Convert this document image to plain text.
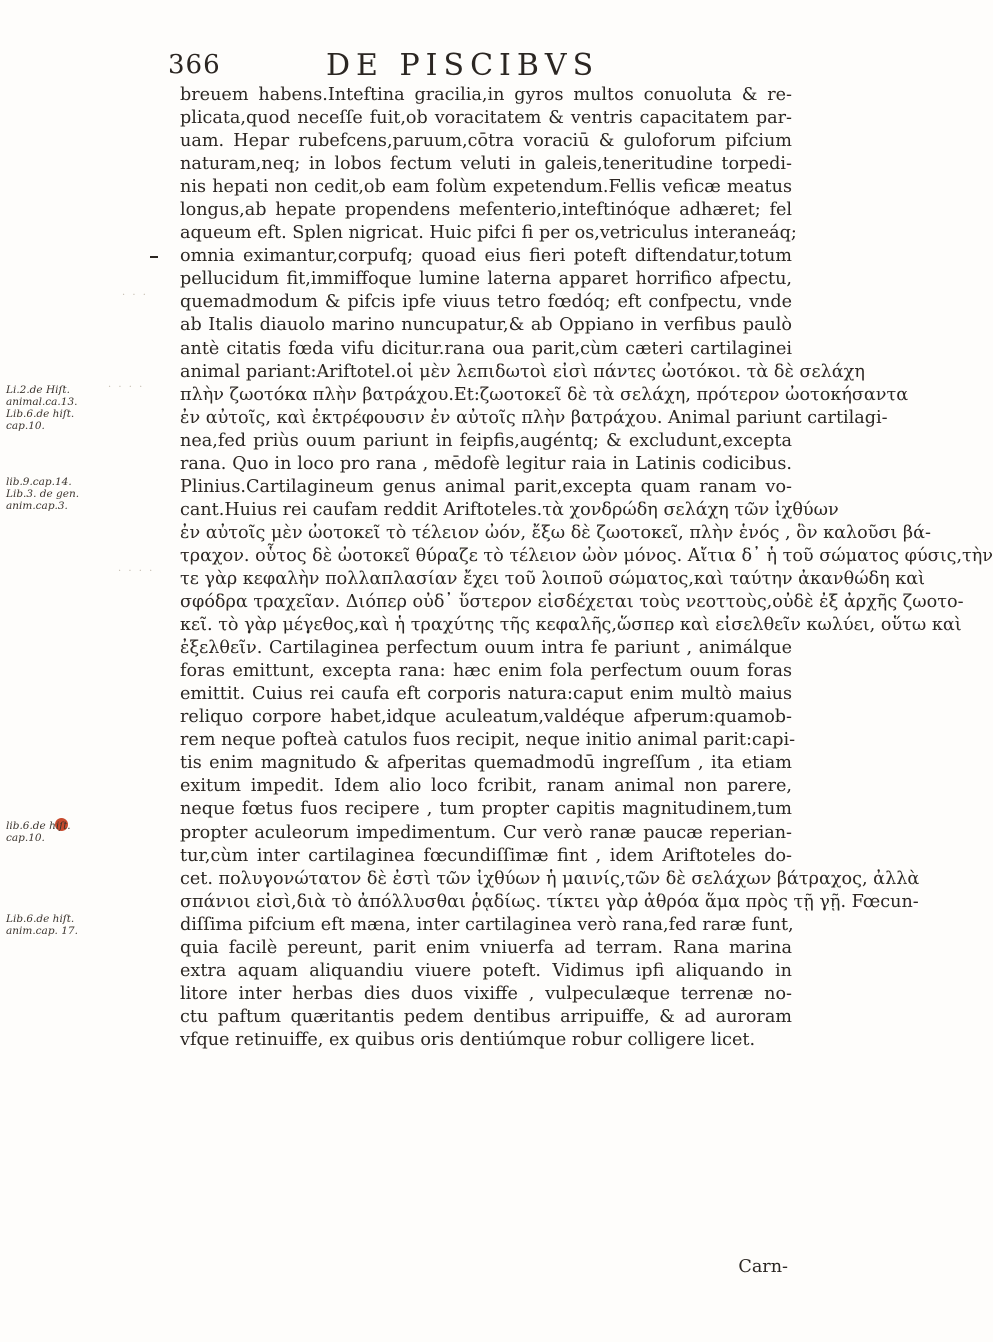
366	DE PISCIBVS
· · ·
· · · ·
· · · ·
breuem habens.Inteftina gracilia,in gyros multos conuoluta & re-
plicata,quod neceſſe fuit,ob voracitatem & ventris capacitatem par-
uam. Hepar rubefcens,paruum,cōtra voraciū & guloforum pifcium
naturam,neq; in lobos fectum veluti in galeis,teneritudine torpedi-
nis hepati non cedit,ob eam folùm expetendum.Fellis veficæ meatus
longus,ab hepate propendens mefenterio,inteftinóque adhæret; fel
aqueum eft. Splen nigricat. Huic pifci fi per os,vetriculus interaneáq;
omnia eximantur,corpufq; quoad eius fieri poteft diftendatur,totum
pellucidum fit,immiffoque lumine laterna apparet horrifico afpectu,
quemadmodum & pifcis ipfe viuus tetro fœdóq; eft confpectu, vnde
ab Italis diauolo marino nuncupatur,& ab Oppiano in verfibus paulò
antè citatis fœda vifu dicitur.rana oua parit,cùm cæteri cartilaginei
animal pariant:Ariftotel.οἱ μὲν λεπιδωτοὶ εἰσὶ πάντες ὠοτόκοι. τὰ δὲ σελάχη
πλὴν ζωοτόκα πλὴν βατράχου.Et:ζωοτοκεῖ δὲ τὰ σελάχη, πρότερον ὠοτοκήσαντα
ἐν αὐτοῖς, καὶ ἐκτρέφουσιν ἐν αὐτοῖς πλὴν βατράχου. Animal pariunt cartilagi-
nea,fed priùs ouum pariunt in feipfis,augéntq; & excludunt,excepta
rana. Quo in loco pro rana , mēdofè legitur raia in Latinis codicibus.
Plinius.Cartilagineum genus animal parit,excepta quam ranam vo-
cant.Huius rei caufam reddit Ariftoteles.τὰ χονδρώδη σελάχη τῶν ἰχθύων
ἐν αὐτοῖς μὲν ὠοτοκεῖ τὸ τέλειον ὠόν, ἔξω δὲ ζωοτοκεῖ, πλὴν ἑνός , ὃν καλοῦσι βά-
τραχον. οὗτος δὲ ὠοτοκεῖ θύραζε τὸ τέλειον ὠὸν μόνος. Αἴτια δ᾽ ἡ τοῦ σώματος φύσις,τὴν
τε γὰρ κεφαλὴν πολλαπλασίαν ἔχει τοῦ λοιποῦ σώματος,καὶ ταύτην ἀκανθώδη καὶ
σφόδρα τραχεῖαν. Διόπερ οὐδ᾽ ὕστερον εἰσδέχεται τοὺς νεοττοὺς,οὐδὲ ἐξ ἀρχῆς ζωοτο-
κεῖ. τὸ γὰρ μέγεθος,καὶ ἡ τραχύτης τῆς κεφαλῆς,ὥσπερ καὶ εἰσελθεῖν κωλύει, οὕτω καὶ
ἐξελθεῖν. Cartilaginea perfectum ouum intra fe pariunt , animálque
foras emittunt, excepta rana: hæc enim fola perfectum ouum foras
emittit. Cuius rei caufa eft corporis natura:caput enim multò maius
reliquo corpore habet,idque aculeatum,valdéque afperum:quamob-
rem neque pofteà catulos fuos recipit, neque initio animal parit:capi-
tis enim magnitudo & afperitas quemadmodū ingreſſum , ita etiam
exitum impedit. Idem alio loco fcribit, ranam animal non parere,
neque fœtus fuos recipere , tum propter capitis magnitudinem,tum
propter aculeorum impedimentum. Cur verò ranæ paucæ reperian-
tur,cùm inter cartilaginea fœcundiſſimæ fint , idem Ariftoteles do-
cet. πολυγονώτατον δὲ ἐστὶ τῶν ἰχθύων ἡ μαινίς,τῶν δὲ σελάχων βάτραχος, ἀλλὰ
σπάνιοι εἰσὶ,διὰ τὸ ἀπόλλυσθαι ῥᾳδίως. τίκτει γὰρ ἀθρόα ἅμα πρὸς τῇ γῇ. Fœcun-
diſſima pifcium eft mæna, inter cartilaginea verò rana,fed raræ funt,
quia facilè pereunt, parit enim vniuerfa ad terram. Rana marina
extra aquam aliquandiu viuere poteft. Vidimus ipfi aliquando in
litore inter herbas dies duos vixiffe , vulpeculæque terrenæ no-
ctu paftum quæritantis pedem dentibus arripuiffe, & ad auroram
vfque retinuiffe, ex quibus oris dentiúmque robur colligere licet.
Carn-
Li.2.de Hiſt.
animal.ca.13.
Lib.6.de hiſt.
cap.10.
lib.9.cap.14.
Lib.3. de gen.
anim.cap.3.
lib.6.de hiſt.
cap.10.
Lib.6.de hiſt.
anim.cap. 17.
